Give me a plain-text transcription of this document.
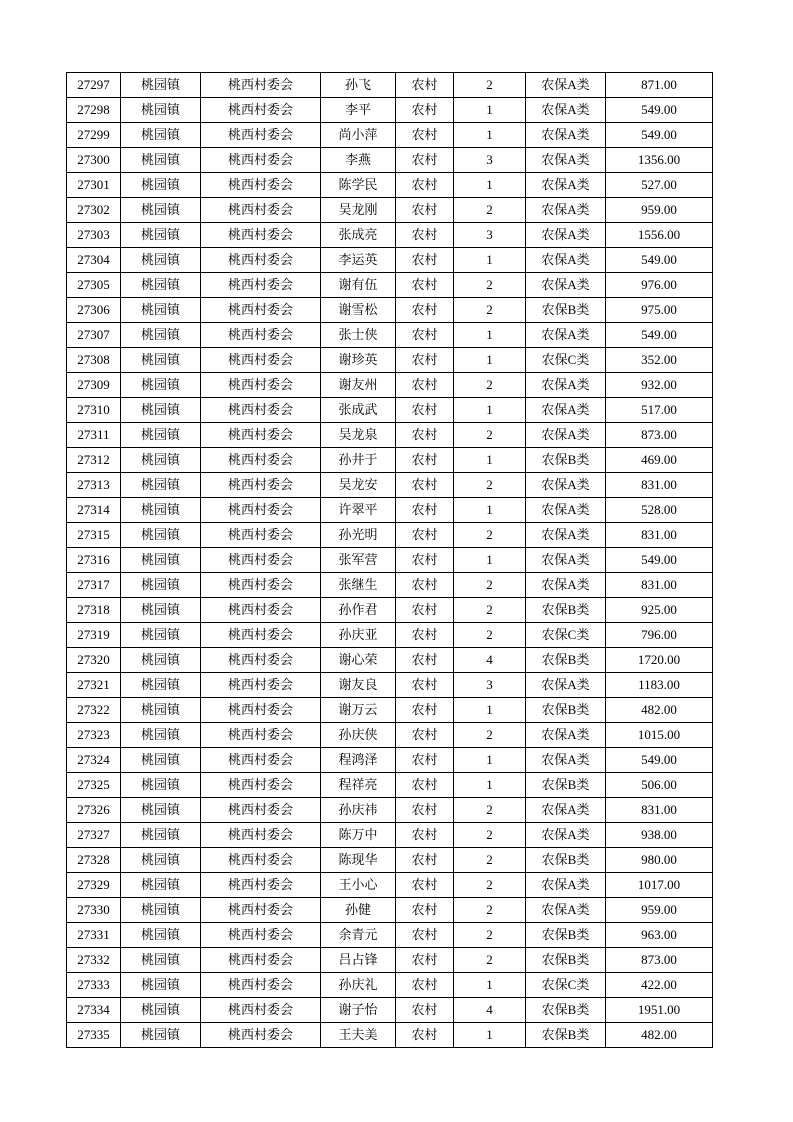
27297	桃园镇	桃西村委会	孙飞	农村	2	农保A类	871.00
27298	桃园镇	桃西村委会	李平	农村	1	农保A类	549.00
27299	桃园镇	桃西村委会	尚小萍	农村	1	农保A类	549.00
27300	桃园镇	桃西村委会	李燕	农村	3	农保A类	1356.00
27301	桃园镇	桃西村委会	陈学民	农村	1	农保A类	527.00
27302	桃园镇	桃西村委会	吴龙刚	农村	2	农保A类	959.00
27303	桃园镇	桃西村委会	张成亮	农村	3	农保A类	1556.00
27304	桃园镇	桃西村委会	李运英	农村	1	农保A类	549.00
27305	桃园镇	桃西村委会	谢有伍	农村	2	农保A类	976.00
27306	桃园镇	桃西村委会	谢雪松	农村	2	农保B类	975.00
27307	桃园镇	桃西村委会	张士侠	农村	1	农保A类	549.00
27308	桃园镇	桃西村委会	谢珍英	农村	1	农保C类	352.00
27309	桃园镇	桃西村委会	谢友州	农村	2	农保A类	932.00
27310	桃园镇	桃西村委会	张成武	农村	1	农保A类	517.00
27311	桃园镇	桃西村委会	吴龙泉	农村	2	农保A类	873.00
27312	桃园镇	桃西村委会	孙井于	农村	1	农保B类	469.00
27313	桃园镇	桃西村委会	吴龙安	农村	2	农保A类	831.00
27314	桃园镇	桃西村委会	许翠平	农村	1	农保A类	528.00
27315	桃园镇	桃西村委会	孙光明	农村	2	农保A类	831.00
27316	桃园镇	桃西村委会	张军营	农村	1	农保A类	549.00
27317	桃园镇	桃西村委会	张继生	农村	2	农保A类	831.00
27318	桃园镇	桃西村委会	孙作君	农村	2	农保B类	925.00
27319	桃园镇	桃西村委会	孙庆亚	农村	2	农保C类	796.00
27320	桃园镇	桃西村委会	谢心荣	农村	4	农保B类	1720.00
27321	桃园镇	桃西村委会	谢友良	农村	3	农保A类	1183.00
27322	桃园镇	桃西村委会	谢万云	农村	1	农保B类	482.00
27323	桃园镇	桃西村委会	孙庆侠	农村	2	农保A类	1015.00
27324	桃园镇	桃西村委会	程鸿泽	农村	1	农保A类	549.00
27325	桃园镇	桃西村委会	程祥亮	农村	1	农保B类	506.00
27326	桃园镇	桃西村委会	孙庆祎	农村	2	农保A类	831.00
27327	桃园镇	桃西村委会	陈万中	农村	2	农保A类	938.00
27328	桃园镇	桃西村委会	陈现华	农村	2	农保B类	980.00
27329	桃园镇	桃西村委会	王小心	农村	2	农保A类	1017.00
27330	桃园镇	桃西村委会	孙健	农村	2	农保A类	959.00
27331	桃园镇	桃西村委会	余青元	农村	2	农保B类	963.00
27332	桃园镇	桃西村委会	吕占锋	农村	2	农保B类	873.00
27333	桃园镇	桃西村委会	孙庆礼	农村	1	农保C类	422.00
27334	桃园镇	桃西村委会	谢子怡	农村	4	农保B类	1951.00
27335	桃园镇	桃西村委会	王夫美	农村	1	农保B类	482.00
